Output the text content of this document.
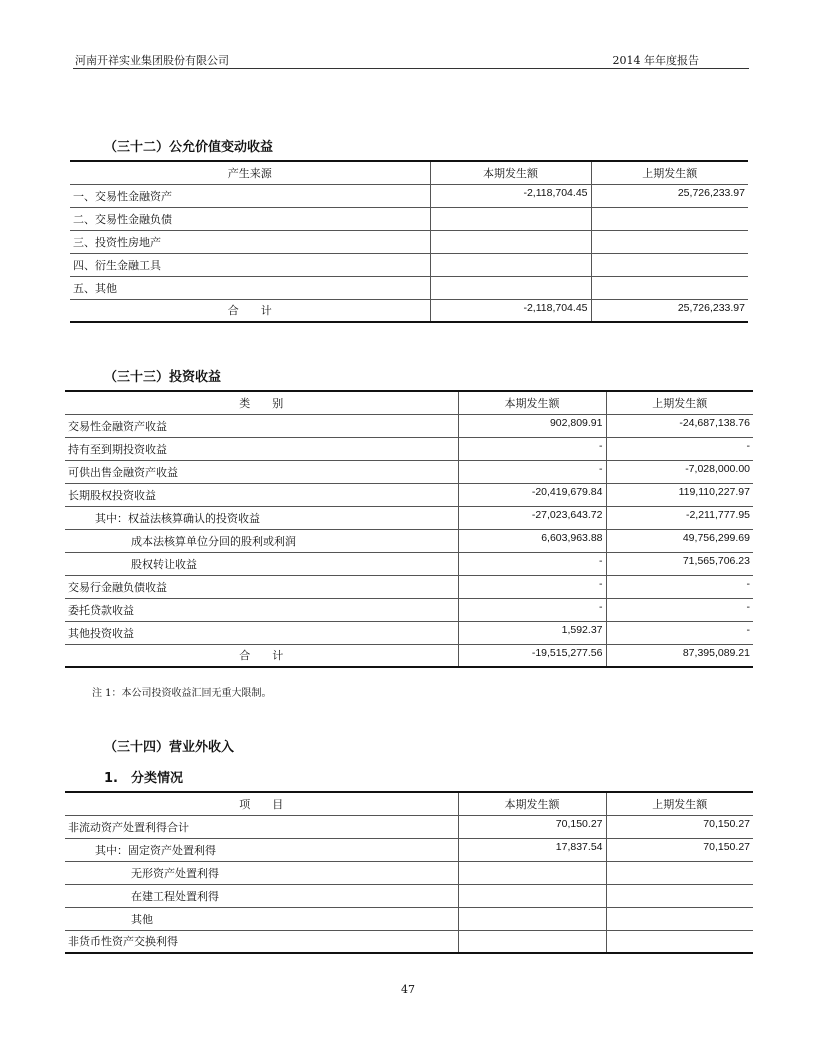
河南开祥实业集团股份有限公司	2014 年年度报告
（三十二）公允价值变动收益
产生来源	本期发生额	上期发生额
一、交易性金融资产	-2,118,704.45	25,726,233.97
二、交易性金融负债		
三、投资性房地产		
四、衍生金融工具		
五、其他		
合　　计	-2,118,704.45	25,726,233.97
（三十三）投资收益
类　　别	本期发生额	上期发生额
交易性金融资产收益	902,809.91	-24,687,138.76
持有至到期投资收益	-	-
可供出售金融资产收益	-	-7,028,000.00
长期股权投资收益	-20,419,679.84	119,110,227.97
其中：权益法核算确认的投资收益	-27,023,643.72	-2,211,777.95
成本法核算单位分回的股利或利润	6,603,963.88	49,756,299.69
股权转让收益	-	71,565,706.23
交易行金融负债收益	-	-
委托贷款收益	-	-
其他投资收益	1,592.37	-
合　　计	-19,515,277.56	87,395,089.21
注 1：本公司投资收益汇回无重大限制。
（三十四）营业外收入
1.　分类情况
项　　目	本期发生额	上期发生额
非流动资产处置利得合计	70,150.27	70,150.27
其中：固定资产处置利得	17,837.54	70,150.27
无形资产处置利得		
在建工程处置利得		
其他		
非货币性资产交换利得		
47
